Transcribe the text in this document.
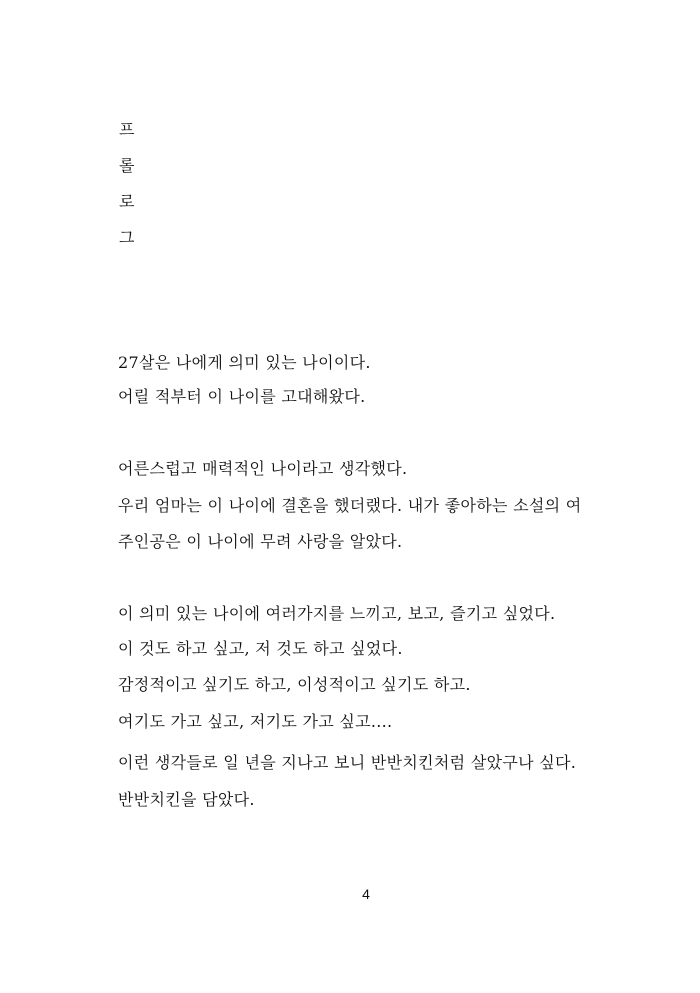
프

롤

로

그

27살은 나에게 의미 있는 나이이다.

어릴 적부터 이 나이를 고대해왔다.

어른스럽고 매력적인 나이라고 생각했다.

우리 엄마는 이 나이에 결혼을 했더랬다. 내가 좋아하는 소설의 여

주인공은 이 나이에 무려 사랑을 알았다.

이 의미 있는 나이에 여러가지를 느끼고, 보고, 즐기고 싶었다.

이 것도 하고 싶고, 저 것도 하고 싶었다.

감정적이고 싶기도 하고, 이성적이고 싶기도 하고.

여기도 가고 싶고, 저기도 가고 싶고....

이런 생각들로 일 년을 지나고 보니 반반치킨처럼 살았구나 싶다.

반반치킨을 담았다.

4
